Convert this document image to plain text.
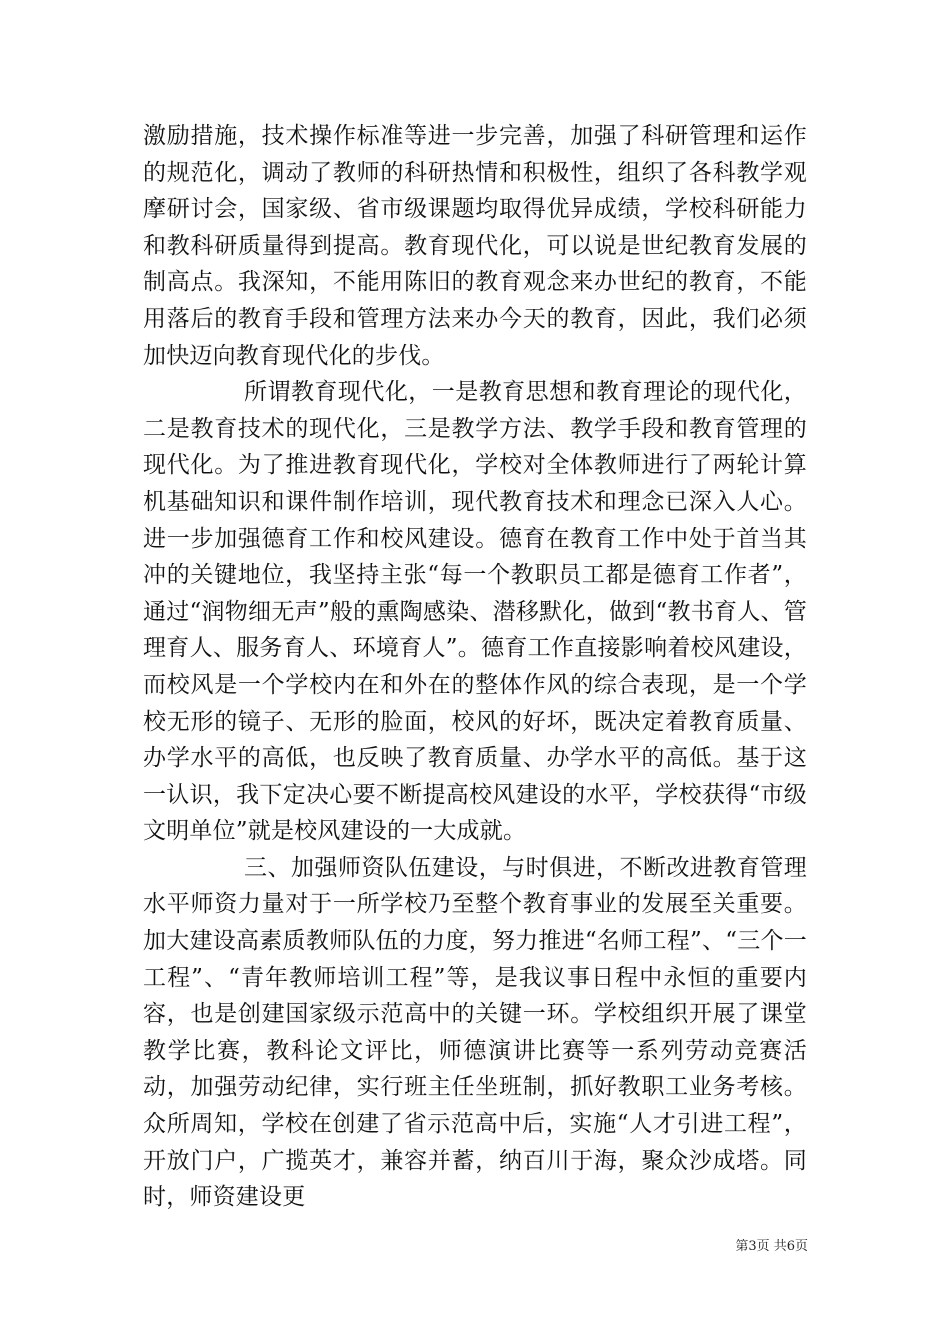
激励措施，技术操作标准等进一步完善，加强了科研管理和运作的规范化，调动了教师的科研热情和积极性，组织了各科教学观摩研讨会，国家级、省市级课题均取得优异成绩，学校科研能力和教科研质量得到提高。教育现代化，可以说是世纪教育发展的制高点。我深知，不能用陈旧的教育观念来办世纪的教育，不能用落后的教育手段和管理方法来办今天的教育，因此，我们必须加快迈向教育现代化的步伐。

所谓教育现代化，一是教育思想和教育理论的现代化，二是教育技术的现代化，三是教学方法、教学手段和教育管理的现代化。为了推进教育现代化，学校对全体教师进行了两轮计算机基础知识和课件制作培训，现代教育技术和理念已深入人心。进一步加强德育工作和校风建设。德育在教育工作中处于首当其冲的关键地位，我坚持主张“每一个教职员工都是德育工作者”，通过“润物细无声”般的熏陶感染、潜移默化，做到“教书育人、管理育人、服务育人、环境育人”。德育工作直接影响着校风建设，而校风是一个学校内在和外在的整体作风的综合表现，是一个学校无形的镜子、无形的脸面，校风的好坏，既决定着教育质量、办学水平的高低，也反映了教育质量、办学水平的高低。基于这一认识，我下定决心要不断提高校风建设的水平，学校获得“市级文明单位”就是校风建设的一大成就。

三、加强师资队伍建设，与时俱进，不断改进教育管理水平师资力量对于一所学校乃至整个教育事业的发展至关重要。加大建设高素质教师队伍的力度，努力推进“名师工程”、“三个一工程”、“青年教师培训工程”等，是我议事日程中永恒的重要内容，也是创建国家级示范高中的关键一环。学校组织开展了课堂教学比赛，教科论文评比，师德演讲比赛等一系列劳动竞赛活动，加强劳动纪律，实行班主任坐班制，抓好教职工业务考核。众所周知，学校在创建了省示范高中后，实施“人才引进工程”，开放门户，广揽英才，兼容并蓄，纳百川于海，聚众沙成塔。同时，师资建设更

第3页 共6页
